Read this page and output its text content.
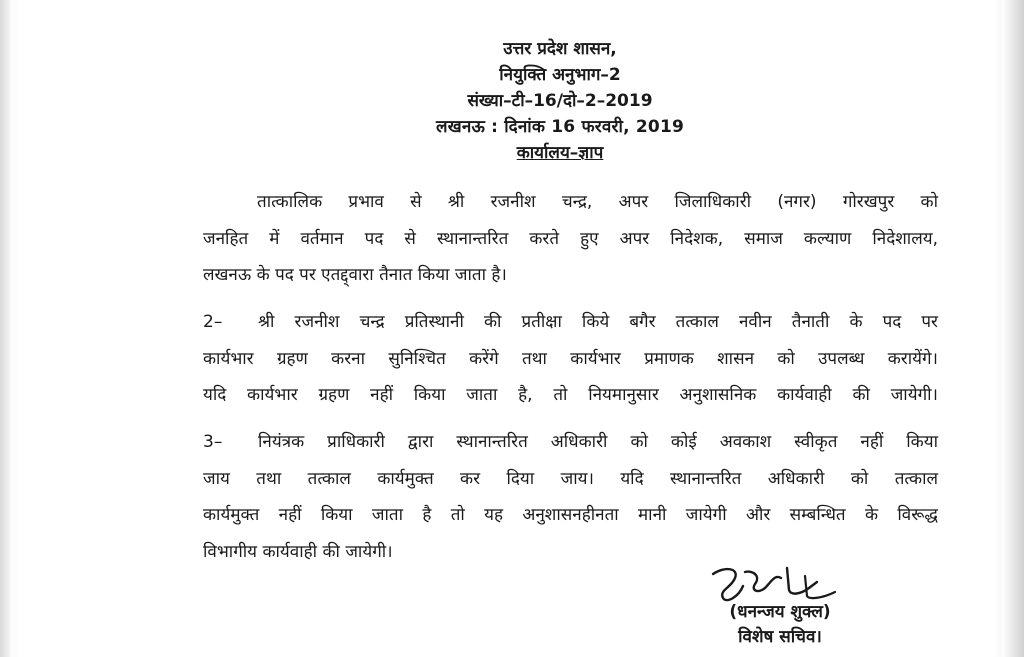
उत्तर प्रदेश शासन,
नियुक्ति अनुभाग–2
संख्या–टी–16/दो–2–2019
लखनऊ : दिनांक 16 फरवरी, 2019
कार्यालय–ज्ञाप
तात्कालिक प्रभाव से श्री रजनीश चन्द्र, अपर जिलाधिकारी (नगर) गोरखपुर को
जनहित में वर्तमान पद से स्थानान्तरित करते हुए अपर निदेशक, समाज कल्याण निदेशालय,
लखनऊ के पद पर एतद्द्वारा तैनात किया जाता है।
2– श्री रजनीश चन्द्र प्रतिस्थानी की प्रतीक्षा किये बगैर तत्काल नवीन तैनाती के पद पर
कार्यभार ग्रहण करना सुनिश्चित करेंगे तथा कार्यभार प्रमाणक शासन को उपलब्ध करायेंगे।
यदि कार्यभार ग्रहण नहीं किया जाता है, तो नियमानुसार अनुशासनिक कार्यवाही की जायेगी।
3– नियंत्रक प्राधिकारी द्वारा स्थानान्तरित अधिकारी को कोई अवकाश स्वीकृत नहीं किया
जाय तथा तत्काल कार्यमुक्त कर दिया जाय। यदि स्थानान्तरित अधिकारी को तत्काल
कार्यमुक्त नहीं किया जाता है तो यह अनुशासनहीनता मानी जायेगी और सम्बन्धित के विरूद्ध
विभागीय कार्यवाही की जायेगी।
(धनन्जय शुक्ल)
विशेष सचिव।
